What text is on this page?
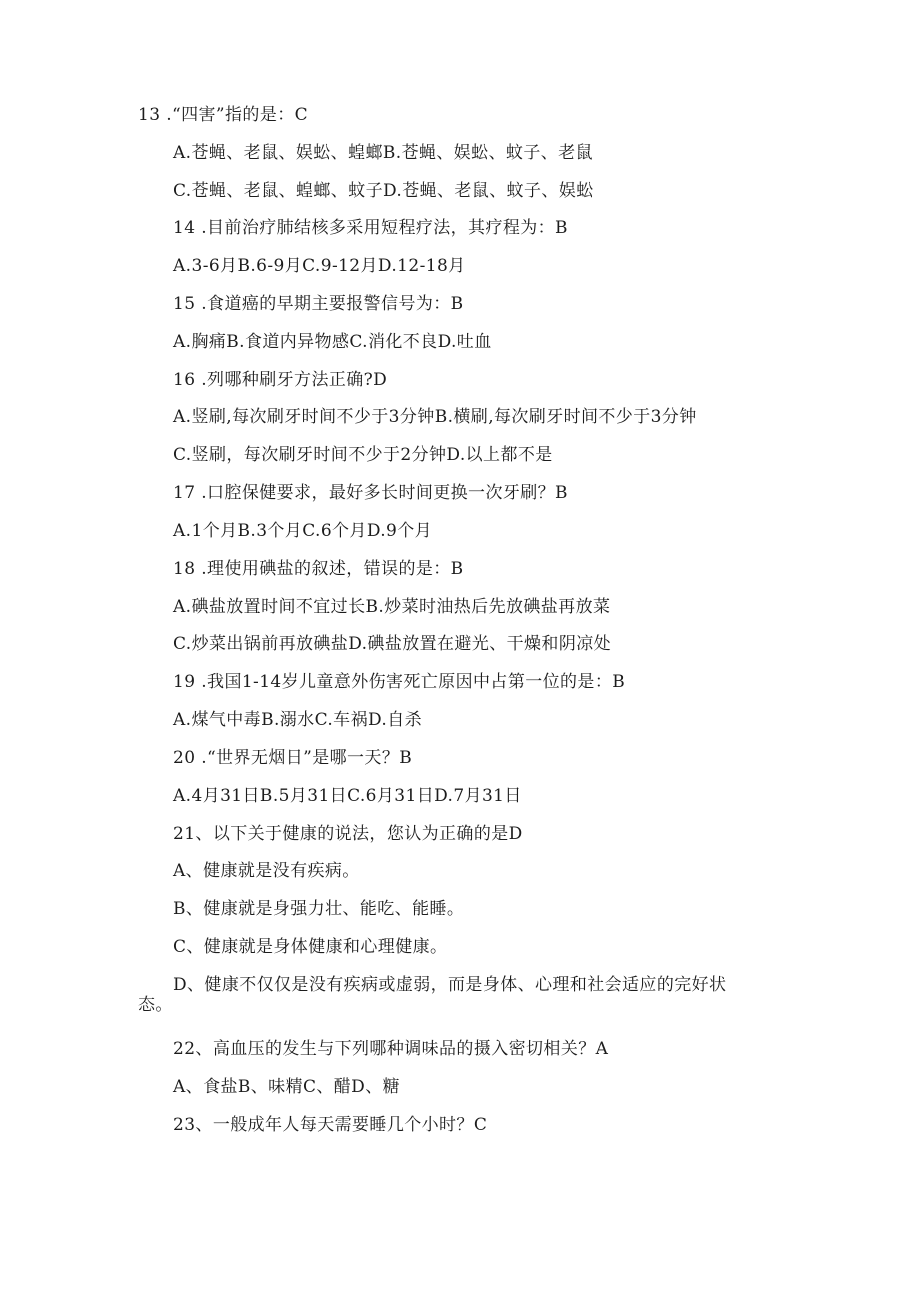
13 .“四害”指的是：C

A.苍蝇、老鼠、娱蚣、蝗螂B.苍蝇、娱蚣、蚊子、老鼠

C.苍蝇、老鼠、蝗螂、蚊子D.苍蝇、老鼠、蚊子、娱蚣

14 .目前治疗肺结核多采用短程疗法，其疗程为：B

A.3-6月B.6-9月C.9-12月D.12-18月

15 .食道癌的早期主要报警信号为：B

A.胸痛B.食道内异物感C.消化不良D.吐血

16 .列哪种刷牙方法正确?D

A.竖刷,每次刷牙时间不少于3分钟B.横刷,每次刷牙时间不少于3分钟

C.竖刷，每次刷牙时间不少于2分钟D.以上都不是

17 .口腔保健要求，最好多长时间更换一次牙刷？B

A.1个月B.3个月C.6个月D.9个月

18 .理使用碘盐的叙述，错误的是：B

A.碘盐放置时间不宜过长B.炒菜时油热后先放碘盐再放菜

C.炒菜出锅前再放碘盐D.碘盐放置在避光、干燥和阴凉处

19 .我国1-14岁儿童意外伤害死亡原因中占第一位的是：B

A.煤气中毒B.溺水C.车祸D.自杀

20 .“世界无烟日”是哪一天？B

A.4月31日B.5月31日C.6月31日D.7月31日

21、以下关于健康的说法，您认为正确的是D

A、健康就是没有疾病。

B、健康就是身强力壮、能吃、能睡。

C、健康就是身体健康和心理健康。

D、健康不仅仅是没有疾病或虚弱，而是身体、心理和社会适应的完好状态。

22、高血压的发生与下列哪种调味品的摄入密切相关？A

A、食盐B、味精C、醋D、糖

23、一般成年人每天需要睡几个小时？C
